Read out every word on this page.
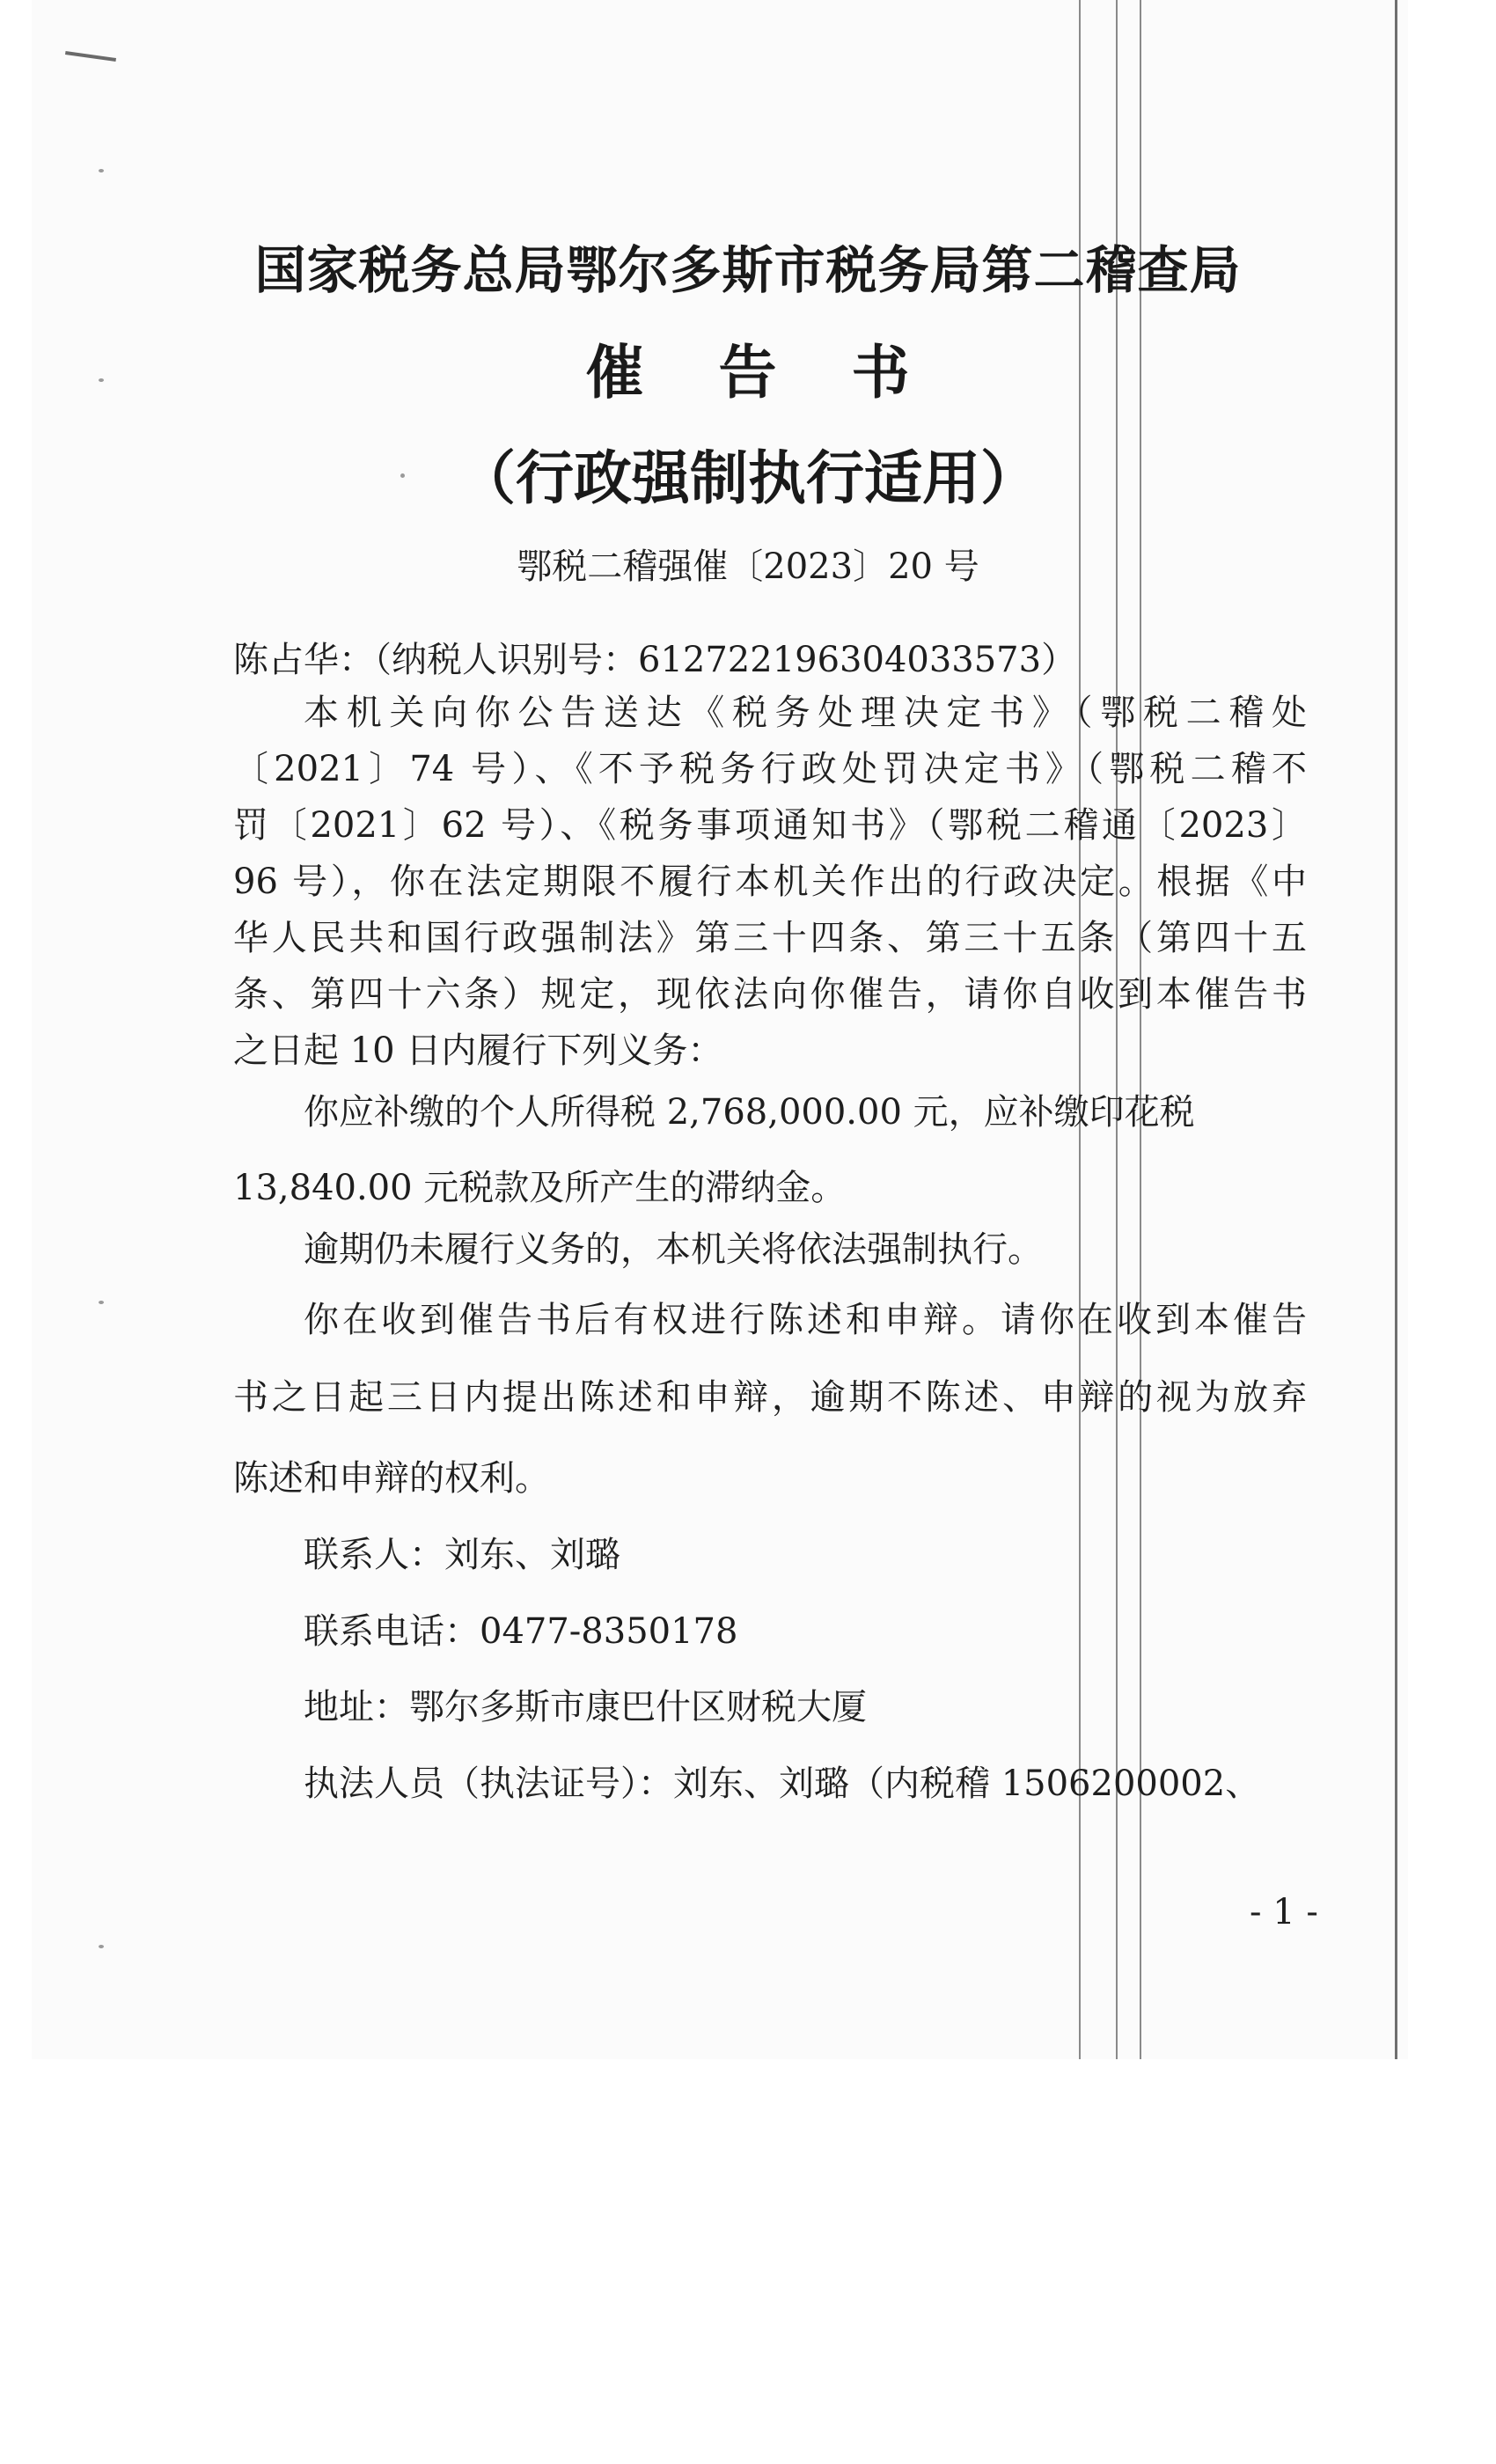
国家税务总局鄂尔多斯市税务局第二稽查局
催 告 书
（行政强制执行适用）
鄂税二稽强催〔2023〕20 号
陈占华：（纳税人识别号：612722196304033573）
本机关向你公告送达《税务处理决定书》（鄂税二稽处
〔2021〕74 号）、《不予税务行政处罚决定书》（鄂税二稽不
罚〔2021〕62 号）、《税务事项通知书》（鄂税二稽通〔2023〕
96 号），你在法定期限不履行本机关作出的行政决定。根据《中
华人民共和国行政强制法》第三十四条、第三十五条（第四十五
条、第四十六条）规定，现依法向你催告，请你自收到本催告书
之日起 10 日内履行下列义务：
你应补缴的个人所得税 2,768,000.00 元，应补缴印花税
13,840.00 元税款及所产生的滞纳金。
逾期仍未履行义务的，本机关将依法强制执行。
你在收到催告书后有权进行陈述和申辩。请你在收到本催告
书之日起三日内提出陈述和申辩，逾期不陈述、申辩的视为放弃
陈述和申辩的权利。
联系人：刘东、刘璐
联系电话：0477-8350178
地址：鄂尔多斯市康巴什区财税大厦
执法人员（执法证号）：刘东、刘璐（内税稽 1506200002、
- 1 -
